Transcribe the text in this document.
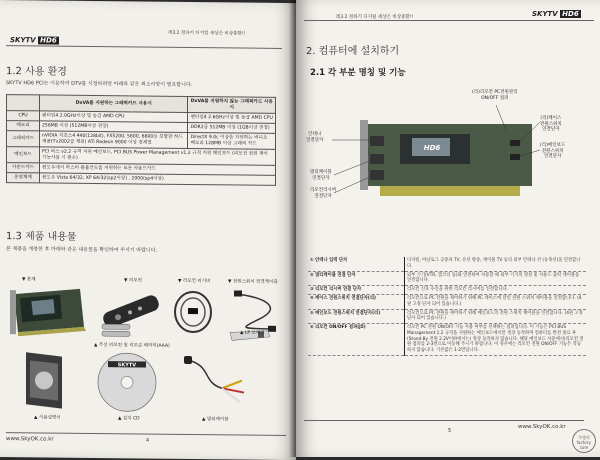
SKYTV HD6
레3.2 정하기 디지털 세상은 비상충환!!
1.2 사용 환경
SKYTV HD6 PCI는 이용하여 DTV를 시청하려면 아래와 같은 최소사양이 필요합니다.
	DxVA를 지원하는 그래픽카드 사용시	DxVA를 지원하지 않는 그래픽카드 사용시
CPU	펜티엄4 2.0GHz이상 및 동급 AMD CPU	펜티엄4 2.6GHz이상 및 동급 AMD CPU
메모리	256MB 이상 (512MB이상 권장)	DDR2급 512MB 이상 (1GB이상 권장)
그래픽카드	nVIDIA 지포스4 440(128bit), FX5200, 5600, 6600등 포함한 하드 제품(Tv2002급 제외) ATi Radeon 9000 이상 전계열	DirectX 9.0c 이상을 지원하는 비디오 메모리 128MB 이상 그래픽 카드
메인보드	PCI 버스 v2.2 규격 지원 메인보드, PCI BUS Power Management v1.2 규격 지원 메인보드 (리모컨 전원 제어 기능사용 시 필수)	
사운드카드	윈도우에서 마스터 볼륨컨트롤 지원하는 모든 사운드카드	
운영체제	윈도우 Vista 64/32, XP 64/32(sp2이상) , 2000(sp4이상)	
1.3 제품 내용물
본 제품을 개봉한 후 아래와 같은 내용물을 확인하여 주시기 바랍니다.
▼ 본체	▼ 리모컨	▼ 리모컨 리시버	▼ 전원스위치 연결케이블
▲ 무선 리모컨 및 리모콘 배터리(AAA)
▲ LP 브래킷
▲ 사용설명서
SKYTV
▲ 설치 CD	▲ 멀티케이블
www.SkyOK.co.kr	4
레3.2 정하기 디지털 세상은 비상충환!!	SKYTV HD6
2. 컴퓨터에 설치하기
2.1 각 부분 명칭 및 기능
HD6
안테나
연결단자
멀티케이블
연결단자
리모컨리시버
연결단자
(리)리모컨 PC전원관리
ON/OFF 점퍼
(리)케이스
전원스위치
연결단자
(리)메인보드
전원스위치
연결단자
① 안테나 입력 단자	디지털, 아날로그 공중파 TV, 유선 방송, 케이블 TV 등의 외부 안테나 선 (동축선)을 연결합니다.
② 멀티케이블 연결 단자	외부 기기(VTR, 캠코더 등)와 연결하여 사용할 때 외부 기기의 영상 및 사운드 출력 케이블을 연결합니다.
③ 리모컨 리시버 연결 단자	리모컨 신호 수신을 위한 리모컨 리시버를 연결합니다.
④ 케이스 전원스위치 연결단자(리)	리모컨으로 PC 전원을 제어하기 위해 PC 케이스에 달린 전원 스위치 케이블을 연결합니다. (4핀 고정 단자 되어 있습니다.)
⑤ 메인보드 전원스위치 연결단자(리)	리모컨으로 PC 전원을 제어하기 위해 메인보드의 전원 스위치 케이블을 연결합니다. (4핀 고정 단자 되어 있습니다.)
⑥ 리모컨 ON/OFF 점퍼(J5)	리모컨 PC 전원 ON/OFF 기능 사용 여부를 선택하는 점퍼입니다. 이 기능은 PCI BUS Management 1.2 규격을 지원하는 메인보드에서만 정상 동작하며 컴퓨터를 완전 종료 후(Stand-By 전원 2.2V이하에서는) 정상 동작하지 않습니다. 해당 메인보드 사용에서(리모컨 전원 점퍼를 2-3번으로 이동해 주시기 바랍니다. 이 경우에는 리모컨 전원 ON/OFF 기능은 작동하지 않습니다. 기본값은 1-2번입니다.
5
www.SkyOK.co.kr
주방의
factory.
com
